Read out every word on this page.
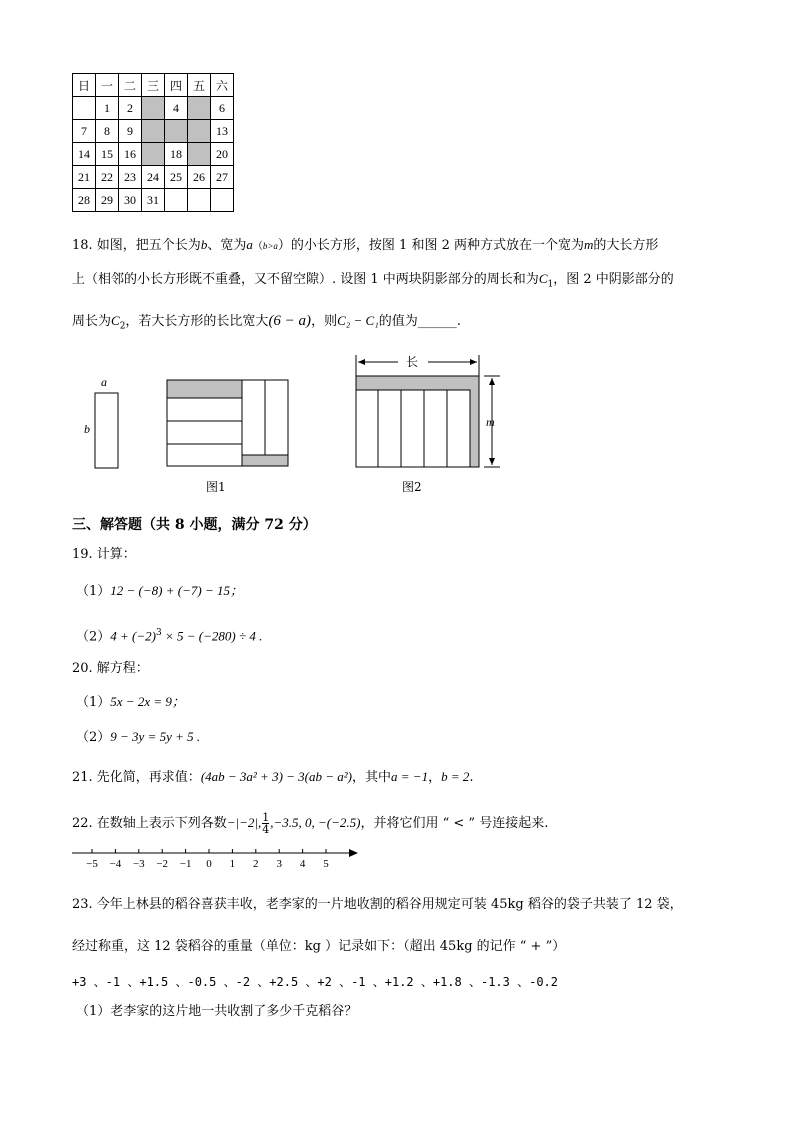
日	一	二	三	四	五	六
	1	2		4		6
7	8	9				13
14	15	16		18		20
21	22	23	24	25	26	27
28	29	30	31			
18. 如图，把五个长为b、宽为a（b>a）的小长方形，按图 1 和图 2 两种方式放在一个宽为m的大长方形
上（相邻的小长方形既不重叠，又不留空隙）. 设图 1 中两块阴影部分的周长和为$C_1$，图 2 中阴影部分的
周长为$C_2$，若大长方形的长比宽大(6 − a)，则C₂ − C₁的值为______.
a
b
长
m
图1	图2
三、解答题（共 8 小题，满分 72 分）
19. 计算：
（1）12 − (−8) + (−7) − 15；
$(2)4 + (-2)^3 \times 5 - (-280) \div 4$ .
20. 解方程：
（1）5x − 2x = 9；
（2）9 − 3y = 5y + 5 .
21. 先化简，再求值：(4ab − 3a² + 3) − 3(ab − a²)，其中a = −1，b = 2.
22. 在数轴上表示下列各数−|−2|, $\frac{1}{4} ,-3.5$, 0, −(−2.5)，并将它们用 “ < ” 号连接起来.
−5 −4 −3 −2 −1 0 1 2 3 4 5
23. 今年上林县的稻谷喜获丰收，老李家的一片地收割的稻谷用规定可装 45kg 稻谷的袋子共装了 12 袋，
经过称重，这 12 袋稻谷的重量（单位：kg ）记录如下：（超出 45kg 的记作 “ + ”）
+3 、-1 、+1.5 、-0.5 、-2 、+2.5 、+2 、-1 、+1.2 、+1.8 、-1.3 、-0.2
（1）老李家的这片地一共收割了多少千克稻谷？
